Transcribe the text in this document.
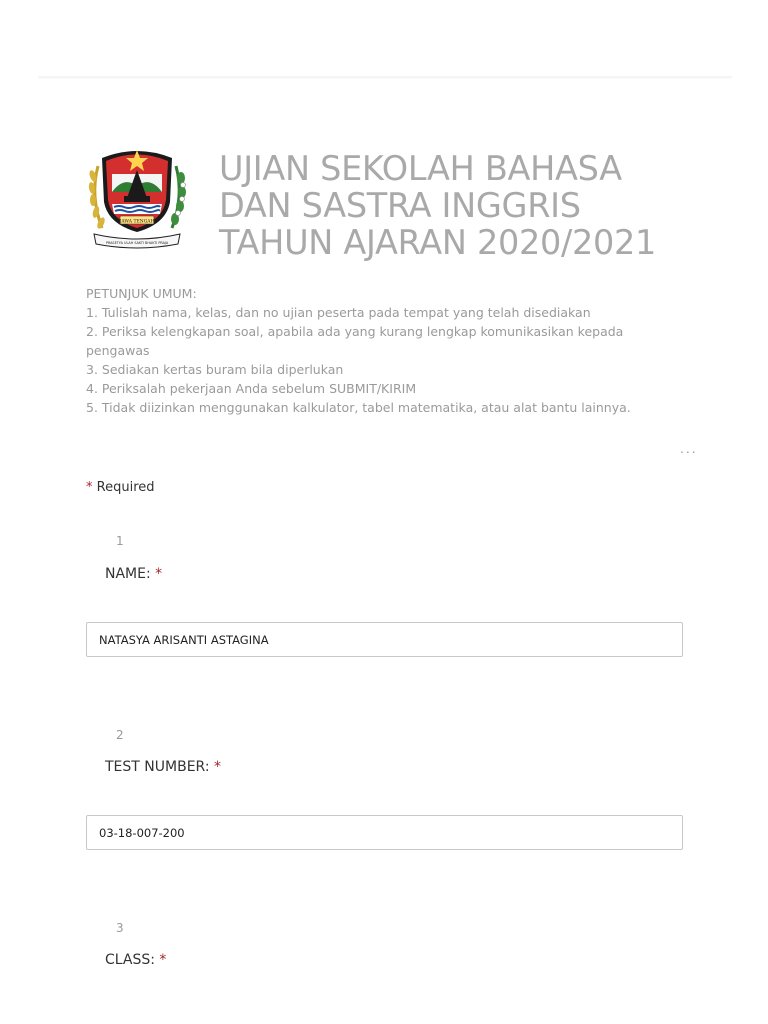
JAWA TENGAH
PRASETYA ULAH SAKTI BHAKTI PRAJA
UJIAN SEKOLAH BAHASA
DAN SASTRA INGGRIS
TAHUN AJARAN 2020/2021
PETUNJUK UMUM:
1. Tulislah nama, kelas, dan no ujian peserta pada tempat yang telah disediakan
2. Periksa kelengkapan soal, apabila ada yang kurang lengkap komunikasikan kepada pengawas
3. Sediakan kertas buram bila diperlukan
4. Periksalah pekerjaan Anda sebelum SUBMIT/KIRIM
5. Tidak diizinkan menggunakan kalkulator, tabel matematika, atau alat bantu lainnya.
...
* Required
1
NAME: *
NATASYA ARISANTI ASTAGINA
2
TEST NUMBER: *
03-18-007-200
3
CLASS: *
